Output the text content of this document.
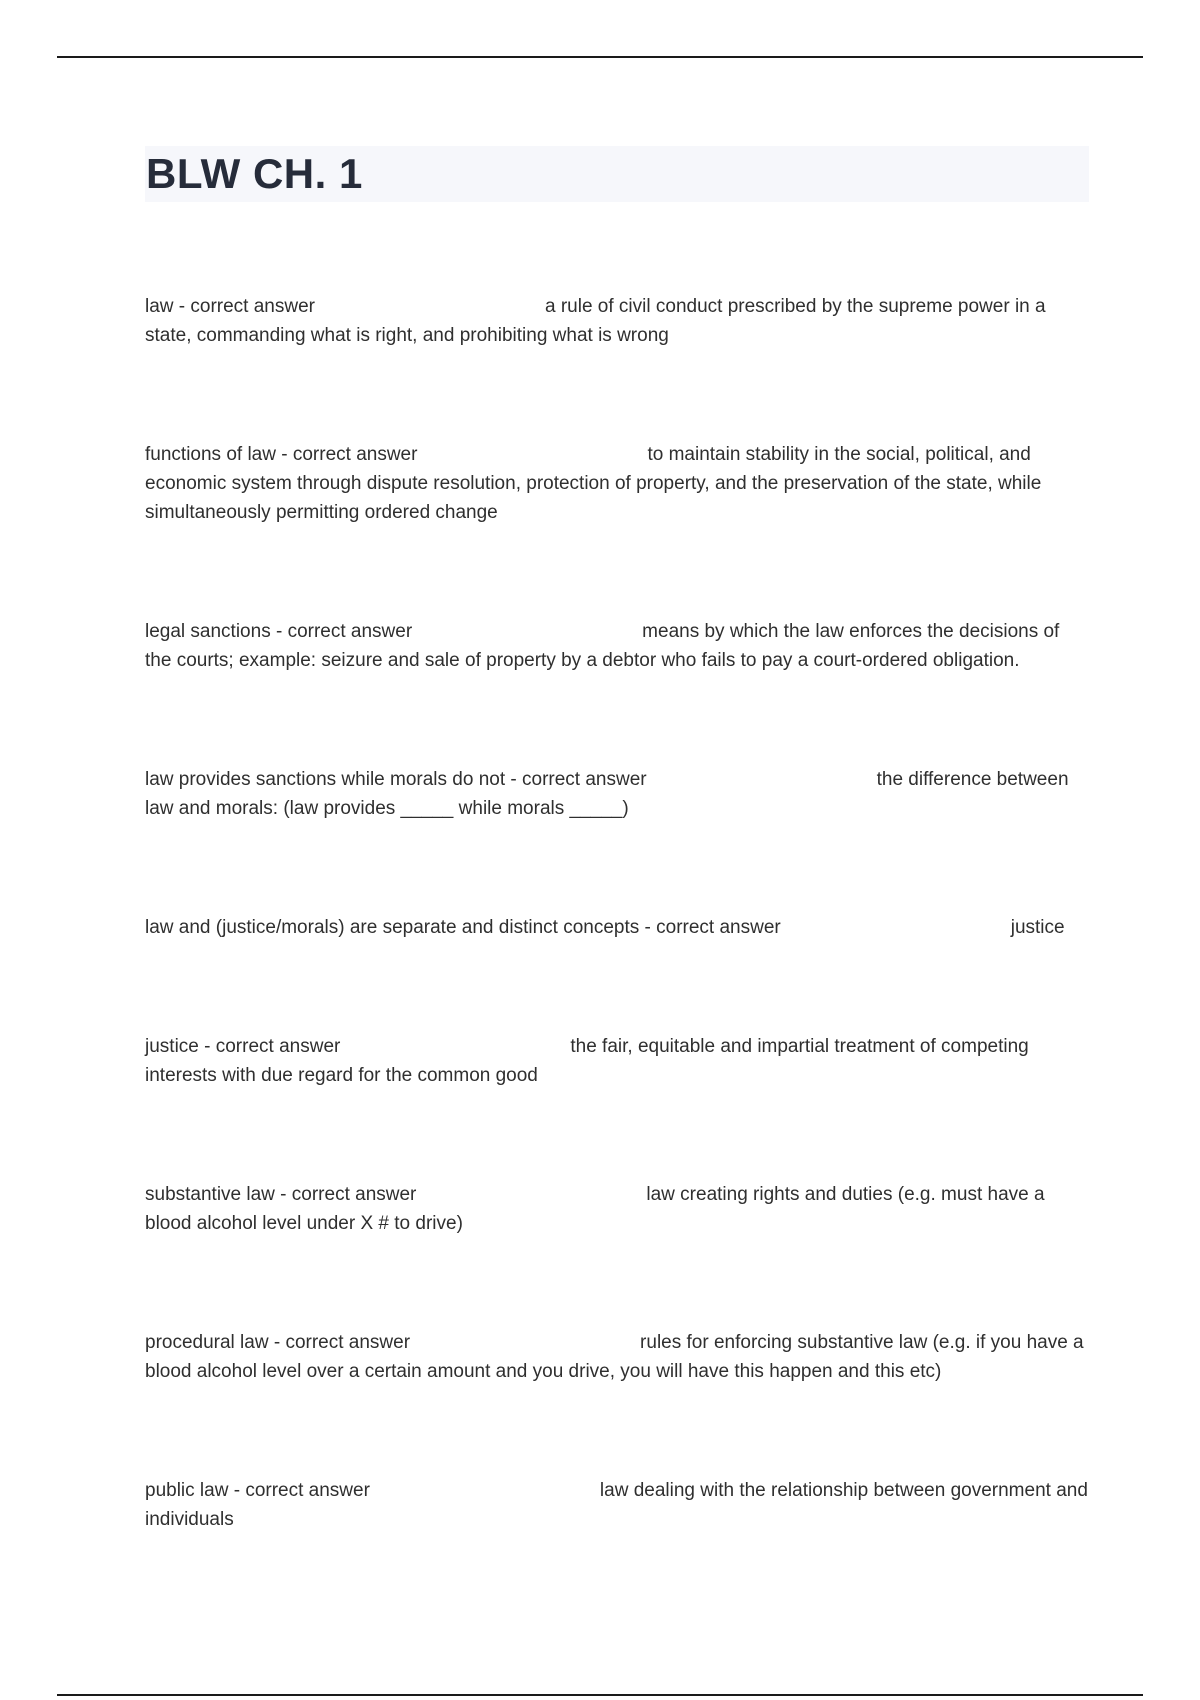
BLW CH. 1

law - correct answer	a rule of civil conduct prescribed by the supreme power in a state, commanding what is right, and prohibiting what is wrong

functions of law - correct answer	to maintain stability in the social, political, and economic system through dispute resolution, protection of property, and the preservation of the state, while simultaneously permitting ordered change

legal sanctions - correct answer	means by which the law enforces the decisions of the courts; example: seizure and sale of property by a debtor who fails to pay a court-ordered obligation.

law provides sanctions while morals do not - correct answer	the difference between law and morals: (law provides _____ while morals _____)

law and (justice/morals) are separate and distinct concepts - correct answer	justice

justice - correct answer	the fair, equitable and impartial treatment of competing interests with due regard for the common good

substantive law - correct answer	law creating rights and duties (e.g. must have a blood alcohol level under X # to drive)

procedural law - correct answer	rules for enforcing substantive law (e.g. if you have a blood alcohol level over a certain amount and you drive, you will have this happen and this etc)

public law - correct answer	law dealing with the relationship between government and individuals
